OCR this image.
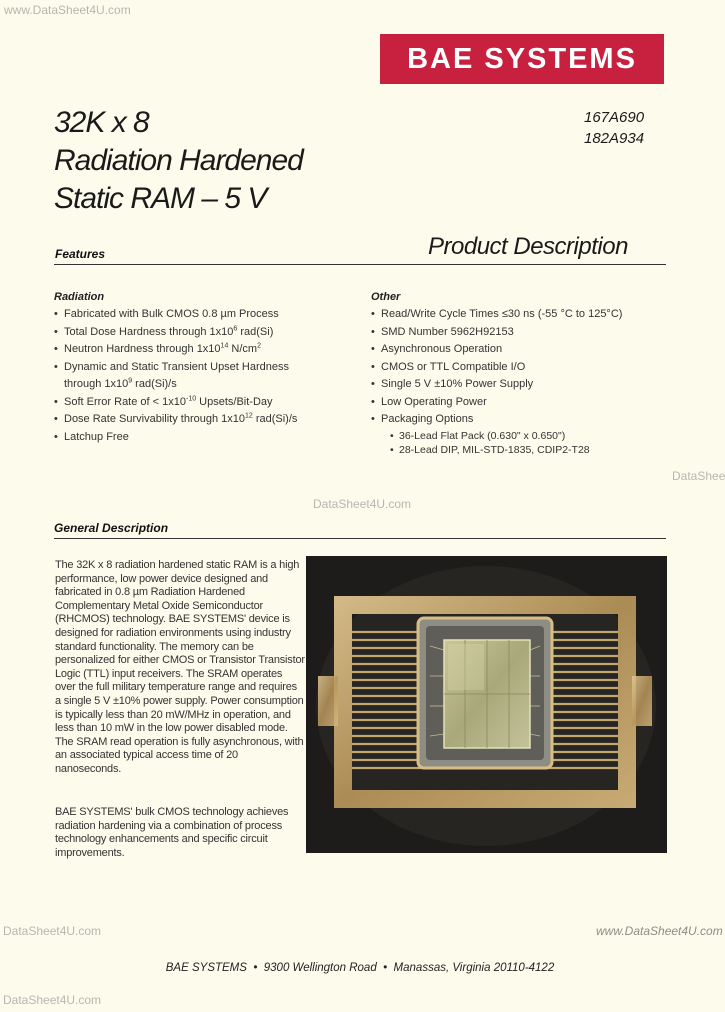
www.DataSheet4U.com
DataShee
DataSheet4U.com
DataSheet4U.com	www.DataSheet4U.com
DataSheet4U.com
BAE SYSTEMS
32K x 8
Radiation Hardened
Static RAM – 5 V
167A690
182A934
Features	Product Description
Radiation
• Fabricated with Bulk CMOS 0.8 µm Process
• Total Dose Hardness through $1x10^6$ rad(Si)
• Neutron Hardness through $1x10^{14}$ $N/cm^2$
• Dynamic and Static Transient Upset Hardness
through $1x10^9$ rad(Si)/s
• Soft Error Rate of < $1x10^{-10}$ Upsets/Bit-Day
• Dose Rate Survivability through $1x10^{12}$ rad(Si)/s
• Latchup Free
Other
• Read/Write Cycle Times ≤30 ns (-55 °C to 125°C)
• SMD Number 5962H92153
• Asynchronous Operation
• CMOS or TTL Compatible I/O
• Single 5 V ±10% Power Supply
• Low Operating Power
• Packaging Options
• 36-Lead Flat Pack (0.630" x 0.650")
• 28-Lead DIP, MIL-STD-1835, CDIP2-T28
General Description
The 32K x 8 radiation hardened static RAM is a high performance, low power device designed and fabricated in 0.8 µm Radiation Hardened Complementary Metal Oxide Semiconductor (RHCMOS) technology. BAE SYSTEMS' device is designed for radiation environments using industry standard functionality. The memory can be personalized for either CMOS or Transistor Transistor Logic (TTL) input receivers. The SRAM operates over the full military temperature range and requires a single 5 V ±10% power supply. Power consumption is typically less than 20 mW/MHz in operation, and less than 10 mW in the low power disabled mode. The SRAM read operation is fully asynchronous, with an associated typical access time of 20 nanoseconds.
BAE SYSTEMS' bulk CMOS technology achieves radiation hardening via a combination of process technology enhancements and specific circuit improvements.
BAE SYSTEMS  •  9300 Wellington Road  •  Manassas, Virginia 20110-4122
